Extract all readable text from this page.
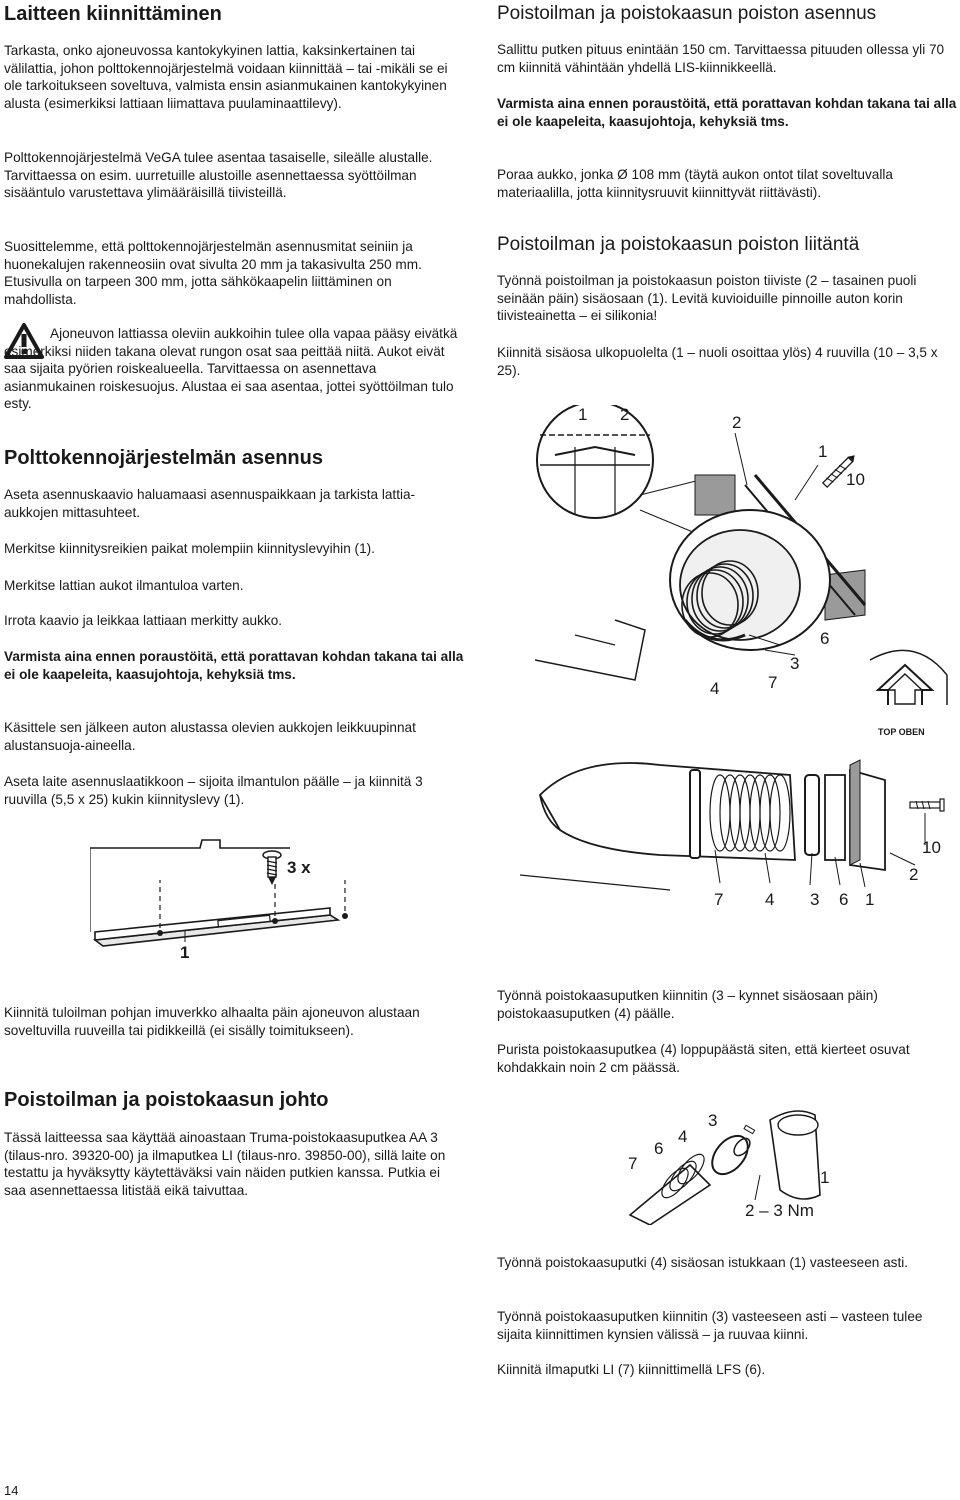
Laitteen kiinnittäminen

Tarkasta, onko ajoneuvossa kantokykyinen lattia, kaksinkertainen tai välilattia, johon polttokennojärjestelmä voidaan kiinnittää – tai -mikäli se ei ole tarkoitukseen soveltuva, valmista ensin asianmukainen kantokykyinen alusta (esimerkiksi lattiaan liimattava puulaminaattilevy).

Polttokennojärjestelmä VeGA tulee asentaa tasaiselle, sileälle alustalle. Tarvittaessa on esim. uurretuille alustoille asennettaessa syöttöilman sisääntulo varustettava ylimääräisillä tiivisteillä.

Suosittelemme, että polttokennojärjestelmän asennusmitat seiniin ja huonekalujen rakenneosiin ovat sivulta 20 mm ja takasivulta 250 mm. Etusivulla on tarpeen 300 mm, jotta sähkökaapelin liittäminen on mahdollista.

Ajoneuvon lattiassa oleviin aukkoihin tulee olla vapaa pääsy eivätkä esimerkiksi niiden takana olevat rungon osat saa peittää niitä. Aukot eivät saa sijaita pyörien roiskealueella. Tarvittaessa on asennettava asianmukainen roiskesuojus. Alustaa ei saa asentaa, jottei syöttöilman tulo esty.

Polttokennojärjestelmän asennus

Aseta asennuskaavio haluamaasi asennuspaikkaan ja tarkista lattia-aukkojen mittasuhteet.

Merkitse kiinnitysreikien paikat molempiin kiinnityslevyihin (1).

Merkitse lattian aukot ilmantuloa varten.

Irrota kaavio ja leikkaa lattiaan merkitty aukko.

Varmista aina ennen poraustöitä, että porattavan kohdan takana tai alla ei ole kaapeleita, kaasujohtoja, kehyksiä tms.

Käsittele sen jälkeen auton alustassa olevien aukkojen leikkuupinnat alustansuoja-aineella.

Aseta laite asennuslaatikkoon – sijoita ilmantulon päälle – ja kiinnitä 3 ruuvilla (5,5 x 25) kukin kiinnityslevy (1).

3 x
1

Kiinnitä tuloilman pohjan imuverkko alhaalta päin ajoneuvon alustaan soveltuvilla ruuveilla tai pidikkeillä (ei sisälly toimitukseen).

Poistoilman ja poistokaasun johto

Tässä laitteessa saa käyttää ainoastaan Truma-poistokaasuputkea AA 3 (tilaus-nro. 39320-00) ja ilmaputkea LI (tilaus-nro. 39850-00), sillä laite on testattu ja hyväksytty käytettäväksi vain näiden putkien kanssa. Putkia ei saa asennettaessa litistää eikä taivuttaa.

14
Poistoilman ja poistokaasun poiston asennus

Sallittu putken pituus enintään 150 cm. Tarvittaessa pituuden ollessa yli 70 cm kiinnitä vähintään yhdellä LIS-kiinnikkeellä.

Varmista aina ennen poraustöitä, että porattavan kohdan takana tai alla ei ole kaapeleita, kaasujohtoja, kehyksiä tms.

Poraa aukko, jonka Ø 108 mm (täytä aukon ontot tilat soveltuvalla materiaalilla, jotta kiinnitysruuvit kiinnittyvät riittävästi).

Poistoilman ja poistokaasun poiston liitäntä

Työnnä poistoilman ja poistokaasun poiston tiiviste (2 – tasainen puoli seinään päin) sisäosaan (1). Levitä kuvioiduille pinnoille auton korin tiivisteainetta – ei silikonia!

Kiinnitä sisäosa ulkopuolelta (1 – nuoli osoittaa ylös) 4 ruuvilla (10 – 3,5 x 25).

1 2	2
1
10
6
3
7
4
TOP OBEN
10
2
7 4 3 6 1

Työnnä poistokaasuputken kiinnitin (3 – kynnet sisäosaan päin) poistokaasuputken (4) päälle.

Purista poistokaasuputkea (4) loppupäästä siten, että kierteet osuvat kohdakkain noin 2 cm päässä.

3
4
6
7
1
2 – 3 Nm

Työnnä poistokaasuputki (4) sisäosan istukkaan (1) vasteeseen asti.

Työnnä poistokaasuputken kiinnitin (3) vasteeseen asti – vasteen tulee sijaita kiinnittimen kynsien välissä – ja ruuvaa kiinni.

Kiinnitä ilmaputki LI (7) kiinnittimellä LFS (6).
